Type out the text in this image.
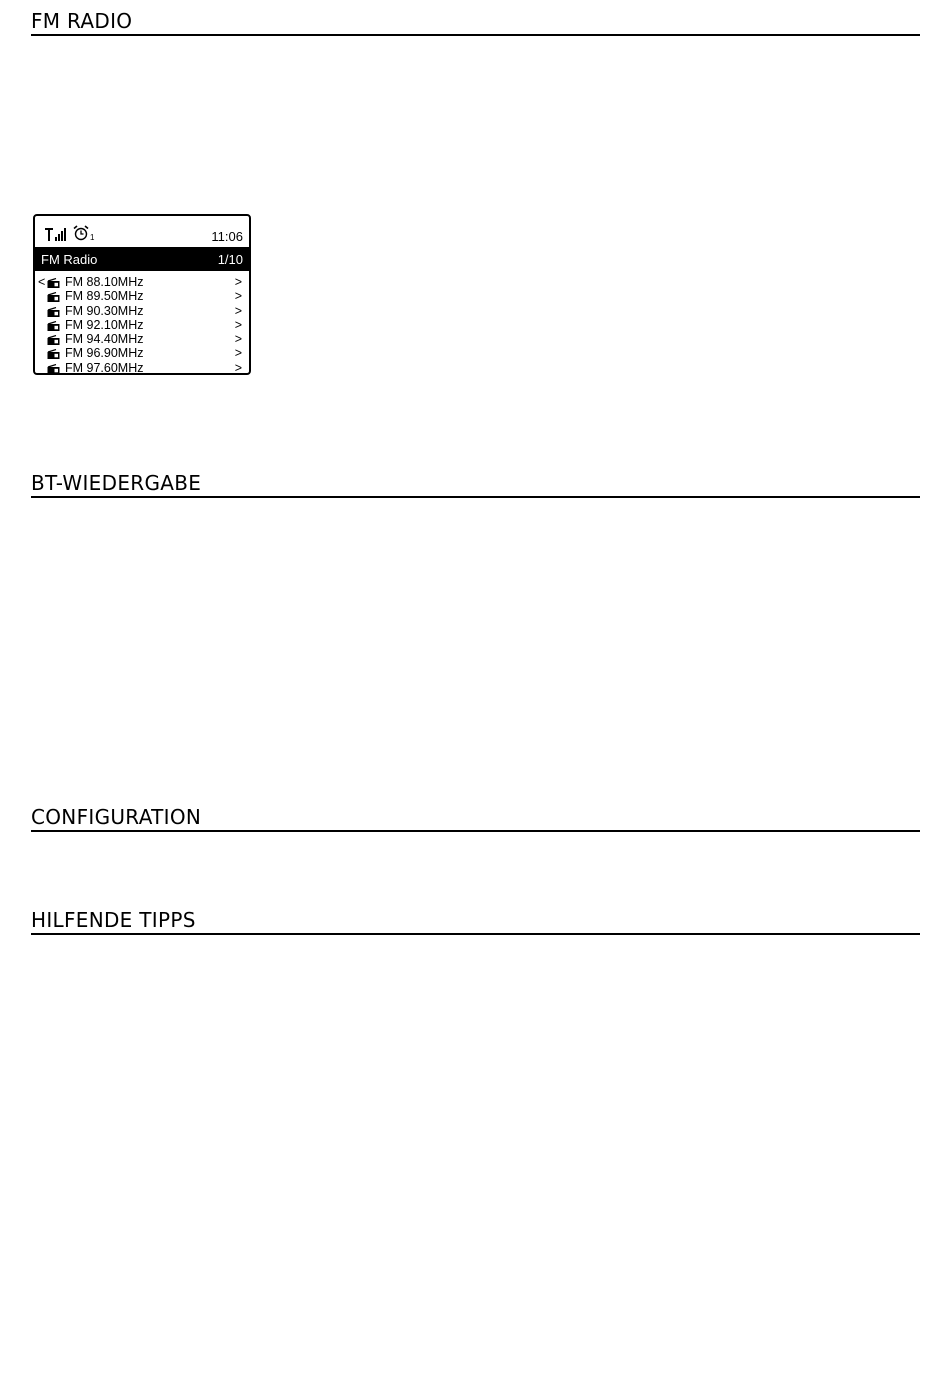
FM RADIO
1	11:06
FM Radio	1/10
< FM 88.10MHz	>
FM 89.50MHz	>
FM 90.30MHz	>
FM 92.10MHz	>
FM 94.40MHz	>
FM 96.90MHz	>
FM 97.60MHz	>
BT-WIEDERGABE
CONFIGURATION
HILFENDE TIPPS
